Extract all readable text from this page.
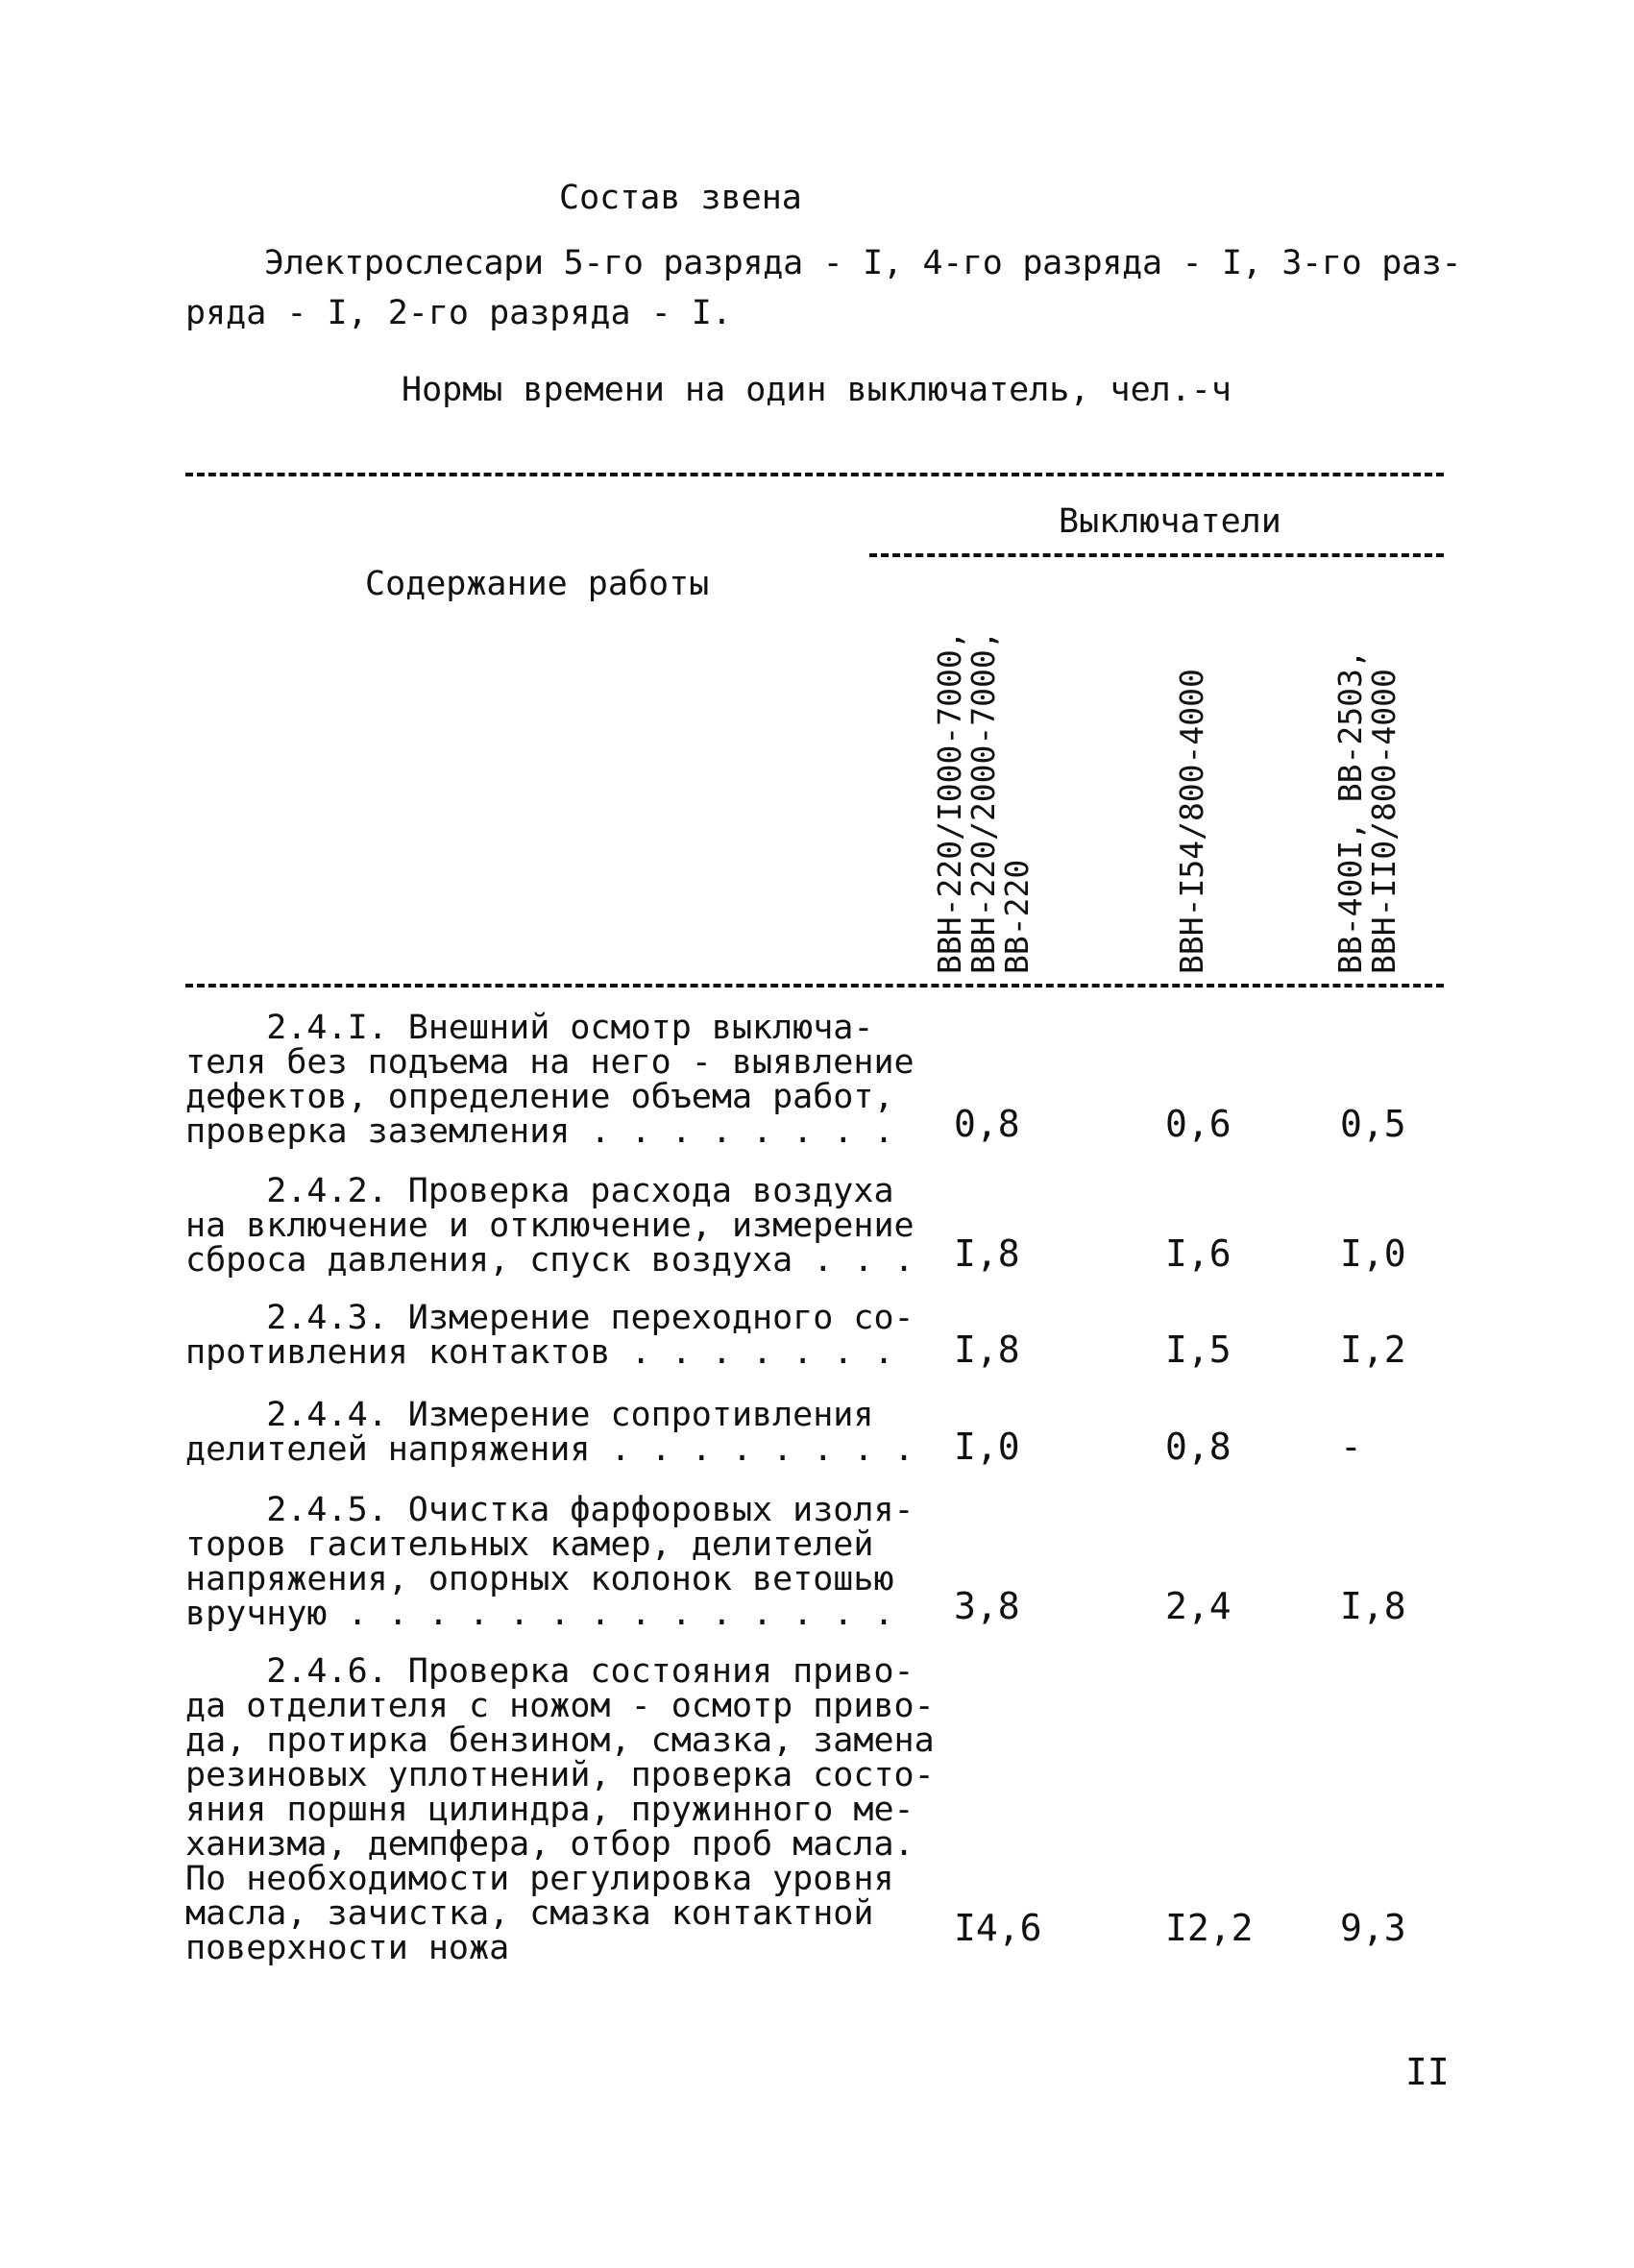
Состав звена
Электрослесари 5-го разряда - I, 4-го разряда - I, 3-го раз-
ряда - I, 2-го разряда - I.
Нормы времени на один выключатель, чел.-ч
Выключатели
Содержание работы
ВВН-220/I000-7000,
ВВН-220/2000-7000,
ВВ-220	ВВН-I54/800-4000	ВВ-400I, ВВ-2503,
ВВН-II0/800-4000
2.4.I. Внешний осмотр выключа-
теля без подъема на него - выявление
дефектов, определение объема работ,
проверка заземления . . . . . . . .	0,8	0,6	0,5
2.4.2. Проверка расхода воздуха
на включение и отключение, измерение
сброса давления, спуск воздуха . . . I,8	I,6	I,0
2.4.3. Измерение переходного со-
противления контактов . . . . . . .	I,8	I,5	I,2
2.4.4. Измерение сопротивления
делителей напряжения . . . . . . . . I,0	0,8	-
2.4.5. Очистка фарфоровых изоля-
торов гасительных камер, делителей
напряжения, опорных колонок ветошью
вручную . . . . . . . . . . . . . .	3,8	2,4	I,8
2.4.6. Проверка состояния приво-
да отделителя с ножом - осмотр приво-
да, протирка бензином, смазка, замена
резиновых уплотнений, проверка состо-
яния поршня цилиндра, пружинного ме-
ханизма, демпфера, отбор проб масла.
По необходимости регулировка уровня
масла, зачистка, смазка контактной
поверхности ножа	I4,6	I2,2 9,3
II
